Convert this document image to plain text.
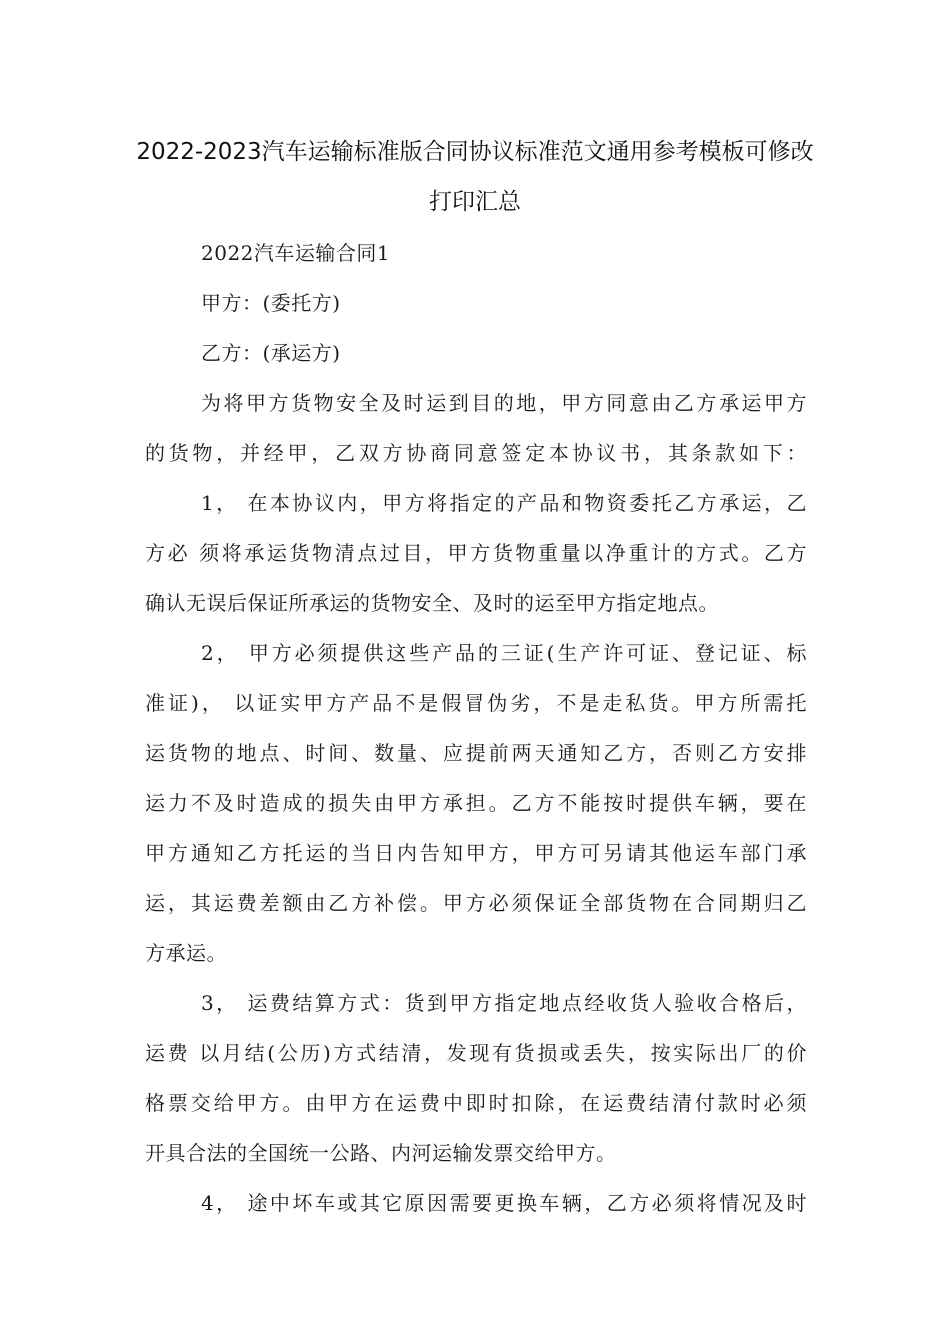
2022-2023汽车运输标准版合同协议标准范文通用参考模板可修改
打印汇总
2022汽车运输合同1
甲方：(委托方)
乙方：(承运方)
为将甲方货物安全及时运到目的地，甲方同意由乙方承运甲方
的货物，并经甲，乙双方协商同意签定本协议书，其条款如下：
1， 在本协议内，甲方将指定的产品和物资委托乙方承运，乙
方必 须将承运货物清点过目，甲方货物重量以净重计的方式。乙方
确认无误后保证所承运的货物安全、及时的运至甲方指定地点。
2， 甲方必须提供这些产品的三证(生产许可证、登记证、标
准证)， 以证实甲方产品不是假冒伪劣，不是走私货。甲方所需托
运货物的地点、时间、数量、应提前两天通知乙方，否则乙方安排
运力不及时造成的损失由甲方承担。乙方不能按时提供车辆，要在
甲方通知乙方托运的当日内告知甲方，甲方可另请其他运车部门承
运，其运费差额由乙方补偿。甲方必须保证全部货物在合同期归乙
方承运。
3， 运费结算方式：货到甲方指定地点经收货人验收合格后，
运费 以月结(公历)方式结清，发现有货损或丢失，按实际出厂的价
格票交给甲方。由甲方在运费中即时扣除，在运费结清付款时必须
开具合法的全国统一公路、内河运输发票交给甲方。
4， 途中坏车或其它原因需要更换车辆，乙方必须将情况及时
